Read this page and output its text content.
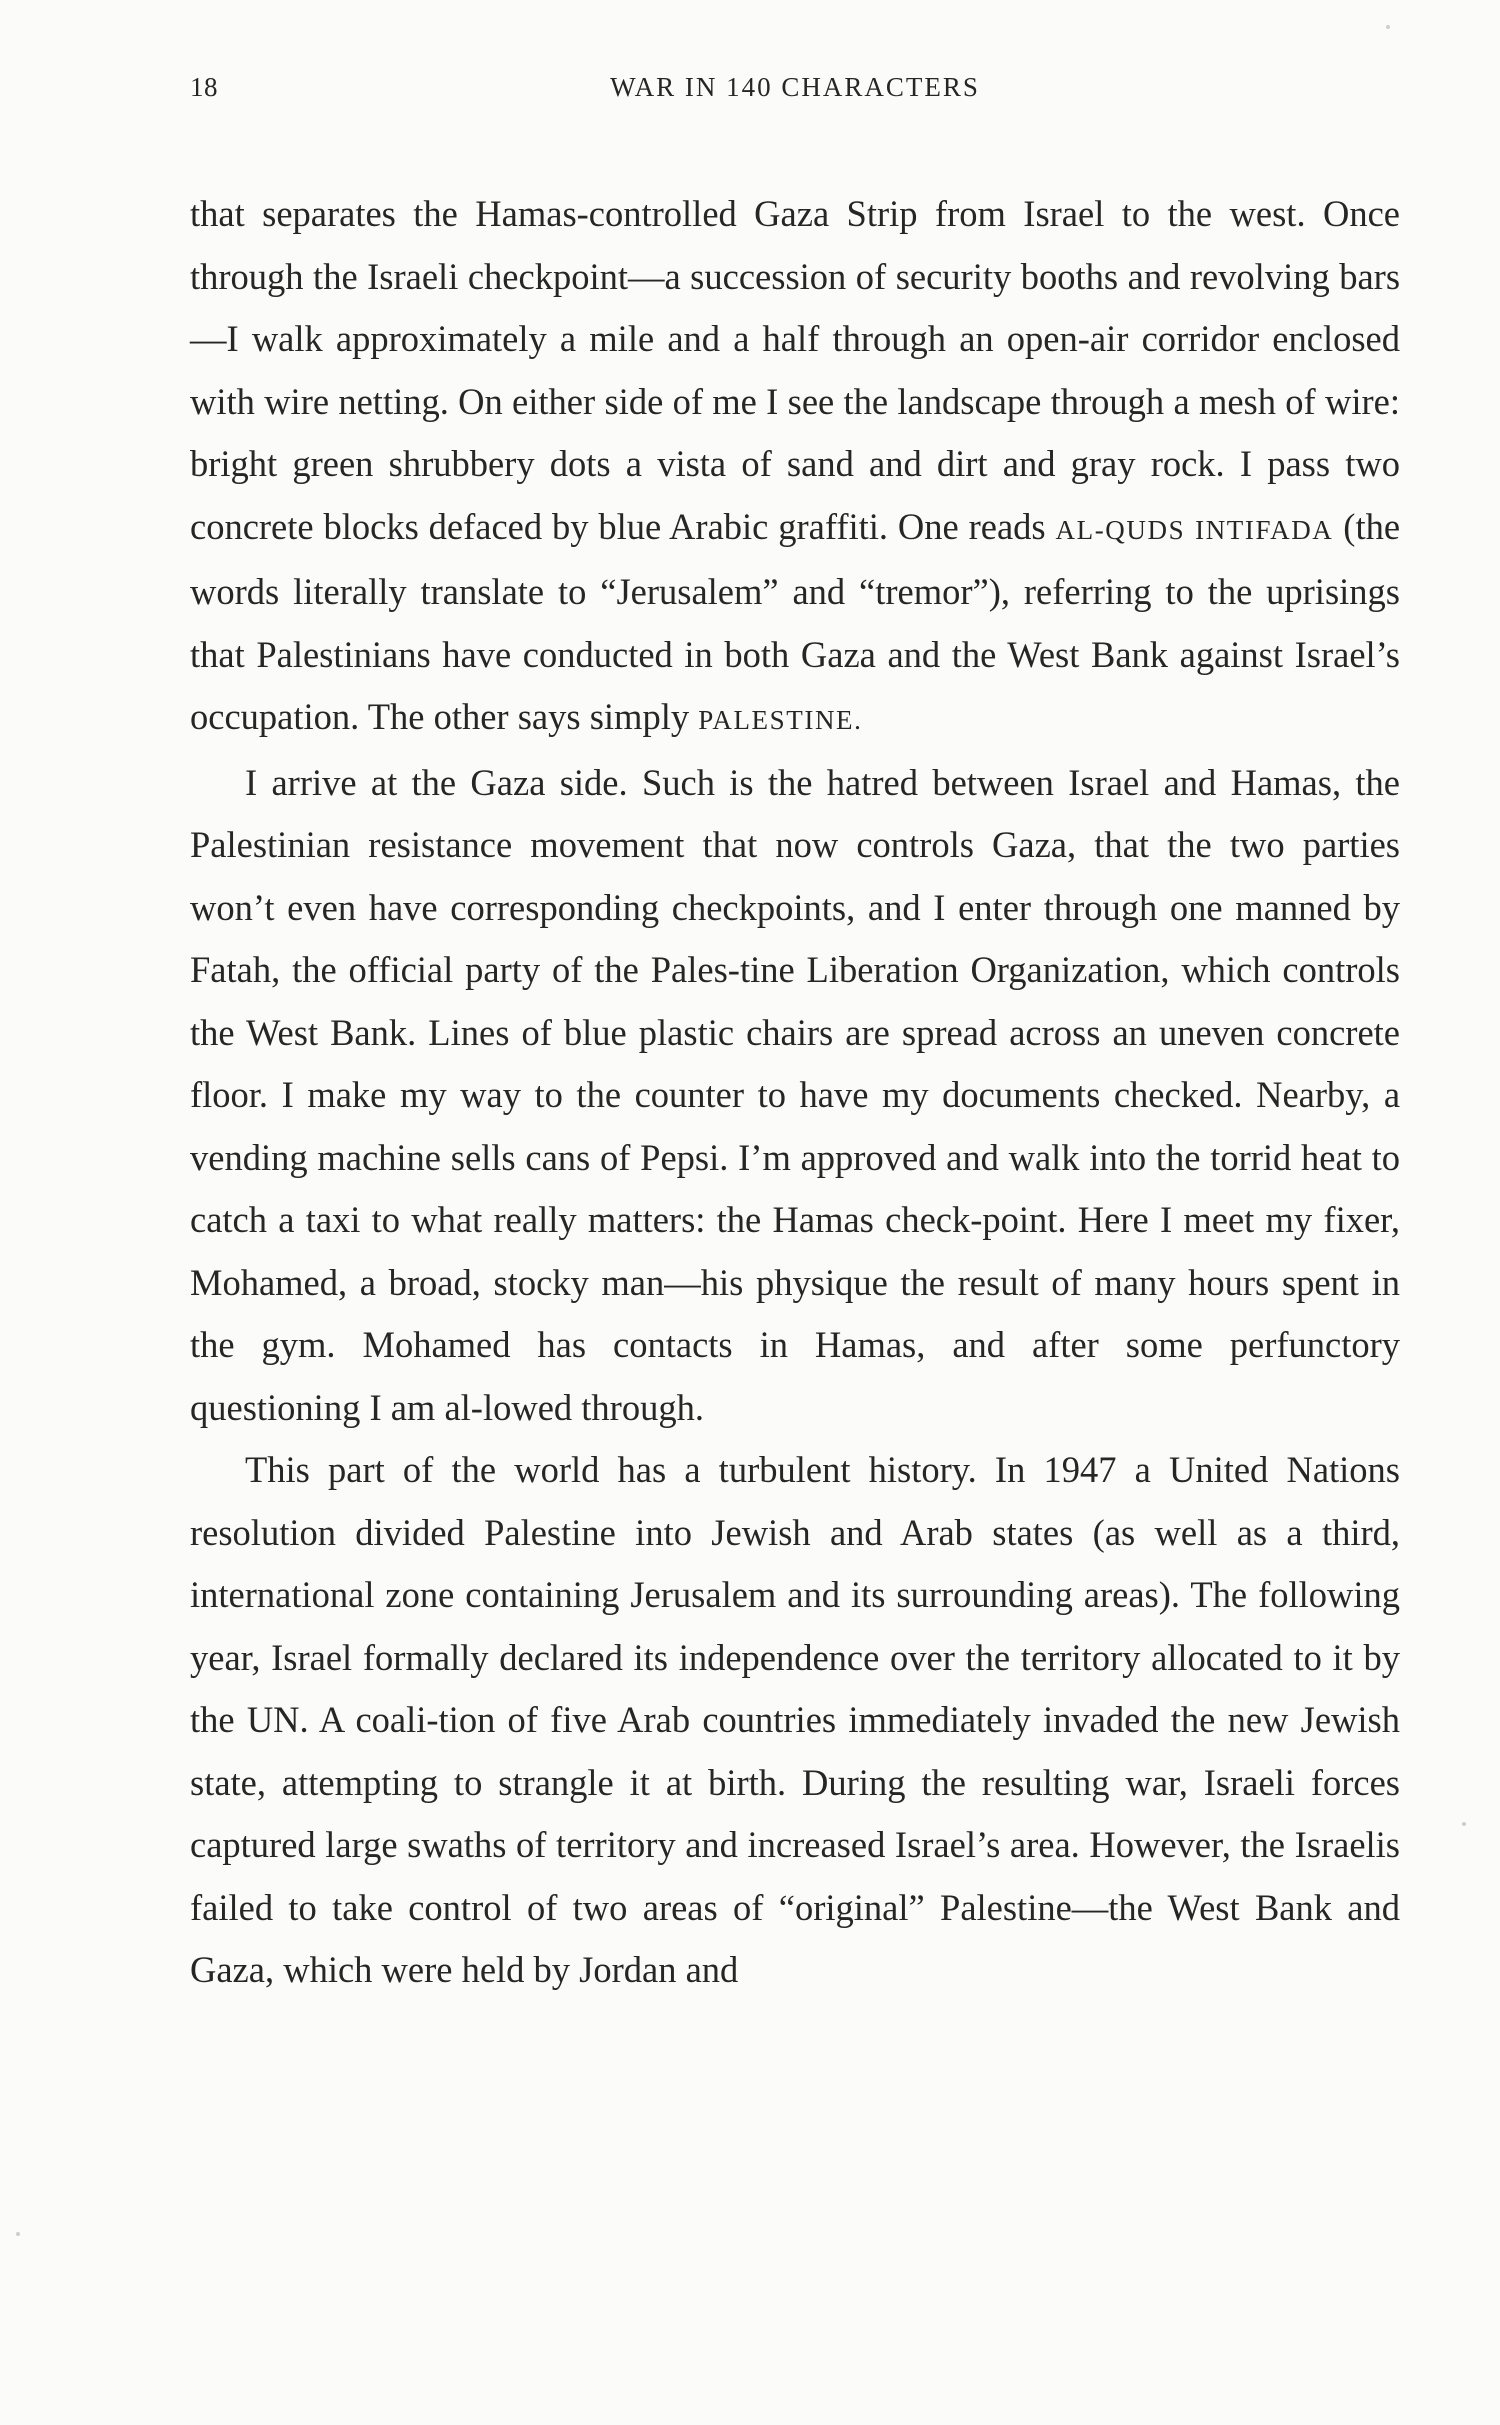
18	WAR IN 140 CHARACTERS

that separates the Hamas-controlled Gaza Strip from Israel to the west. Once through the Israeli checkpoint—a succession of security booths and revolving bars—I walk approximately a mile and a half through an open-air corridor enclosed with wire netting. On either side of me I see the landscape through a mesh of wire: bright green shrubbery dots a vista of sand and dirt and gray rock. I pass two concrete blocks defaced by blue Arabic graffiti. One reads AL-QUDS INTIFADA (the words literally translate to “Jerusalem” and “tremor”), referring to the uprisings that Palestinians have conducted in both Gaza and the West Bank against Israel’s occupation. The other says simply PALESTINE.

I arrive at the Gaza side. Such is the hatred between Israel and Hamas, the Palestinian resistance movement that now controls Gaza, that the two parties won’t even have corresponding checkpoints, and I enter through one manned by Fatah, the official party of the Pales-tine Liberation Organization, which controls the West Bank. Lines of blue plastic chairs are spread across an uneven concrete floor. I make my way to the counter to have my documents checked. Nearby, a vending machine sells cans of Pepsi. I’m approved and walk into the torrid heat to catch a taxi to what really matters: the Hamas check-point. Here I meet my fixer, Mohamed, a broad, stocky man—his physique the result of many hours spent in the gym. Mohamed has contacts in Hamas, and after some perfunctory questioning I am al-lowed through.

This part of the world has a turbulent history. In 1947 a United Nations resolution divided Palestine into Jewish and Arab states (as well as a third, international zone containing Jerusalem and its surrounding areas). The following year, Israel formally declared its independence over the territory allocated to it by the UN. A coali-tion of five Arab countries immediately invaded the new Jewish state, attempting to strangle it at birth. During the resulting war, Israeli forces captured large swaths of territory and increased Israel’s area. However, the Israelis failed to take control of two areas of “original” Palestine—the West Bank and Gaza, which were held by Jordan and
